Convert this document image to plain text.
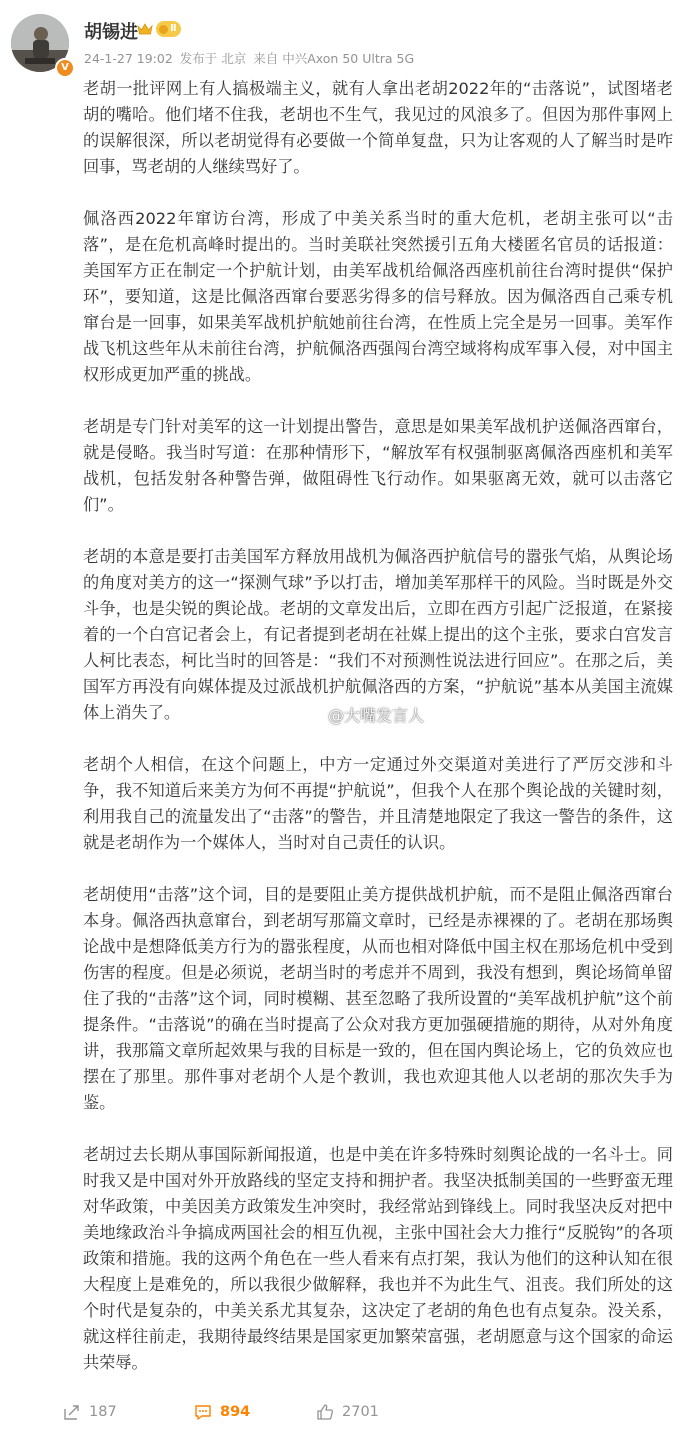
V
胡锡进	Ⅱ
24-1-27 19:02 发布于 北京 来自 中兴Axon 50 Ultra 5G

老胡一批评网上有人搞极端主义，就有人拿出老胡2022年的“击落说”，试图堵老胡的嘴哈。他们堵不住我，老胡也不生气，我见过的风浪多了。但因为那件事网上的误解很深，所以老胡觉得有必要做一个简单复盘，只为让客观的人了解当时是咋回事，骂老胡的人继续骂好了。

佩洛西2022年窜访台湾，形成了中美关系当时的重大危机，老胡主张可以“击落”，是在危机高峰时提出的。当时美联社突然援引五角大楼匿名官员的话报道：美国军方正在制定一个护航计划，由美军战机给佩洛西座机前往台湾时提供“保护环”，要知道，这是比佩洛西窜台要恶劣得多的信号释放。因为佩洛西自己乘专机窜台是一回事，如果美军战机护航她前往台湾，在性质上完全是另一回事。美军作战飞机这些年从未前往台湾，护航佩洛西强闯台湾空域将构成军事入侵，对中国主权形成更加严重的挑战。

老胡是专门针对美军的这一计划提出警告，意思是如果美军战机护送佩洛西窜台，就是侵略。我当时写道：在那种情形下，“解放军有权强制驱离佩洛西座机和美军战机，包括发射各种警告弹，做阻碍性飞行动作。如果驱离无效，就可以击落它们”。

老胡的本意是要打击美国军方释放用战机为佩洛西护航信号的嚣张气焰，从舆论场的角度对美方的这一“探测气球”予以打击，增加美军那样干的风险。当时既是外交斗争，也是尖锐的舆论战。老胡的文章发出后，立即在西方引起广泛报道，在紧接着的一个白宫记者会上，有记者提到老胡在社媒上提出的这个主张，要求白宫发言人柯比表态，柯比当时的回答是：“我们不对预测性说法进行回应”。在那之后，美国军方再没有向媒体提及过派战机护航佩洛西的方案，“护航说”基本从美国主流媒体上消失了。

老胡个人相信，在这个问题上，中方一定通过外交渠道对美进行了严厉交涉和斗争，我不知道后来美方为何不再提“护航说”，但我个人在那个舆论战的关键时刻，利用我自己的流量发出了“击落”的警告，并且清楚地限定了我这一警告的条件，这就是老胡作为一个媒体人，当时对自己责任的认识。

老胡使用“击落”这个词，目的是要阻止美方提供战机护航，而不是阻止佩洛西窜台本身。佩洛西执意窜台，到老胡写那篇文章时，已经是赤裸裸的了。老胡在那场舆论战中是想降低美方行为的嚣张程度，从而也相对降低中国主权在那场危机中受到伤害的程度。但是必须说，老胡当时的考虑并不周到，我没有想到，舆论场简单留住了我的“击落”这个词，同时模糊、甚至忽略了我所设置的“美军战机护航”这个前提条件。“击落说”的确在当时提高了公众对我方更加强硬措施的期待，从对外角度讲，我那篇文章所起效果与我的目标是一致的，但在国内舆论场上，它的负效应也摆在了那里。那件事对老胡个人是个教训，我也欢迎其他人以老胡的那次失手为鉴。

老胡过去长期从事国际新闻报道，也是中美在许多特殊时刻舆论战的一名斗士。同时我又是中国对外开放路线的坚定支持和拥护者。我坚决抵制美国的一些野蛮无理对华政策，中美因美方政策发生冲突时，我经常站到锋线上。同时我坚决反对把中美地缘政治斗争搞成两国社会的相互仇视，主张中国社会大力推行“反脱钩”的各项政策和措施。我的这两个角色在一些人看来有点打架，我认为他们的这种认知在很大程度上是难免的，所以我很少做解释，我也并不为此生气、沮丧。我们所处的这个时代是复杂的，中美关系尤其复杂，这决定了老胡的角色也有点复杂。没关系，就这样往前走，我期待最终结果是国家更加繁荣富强，老胡愿意与这个国家的命运共荣辱。

@大嘴发言人
187	894	2701
